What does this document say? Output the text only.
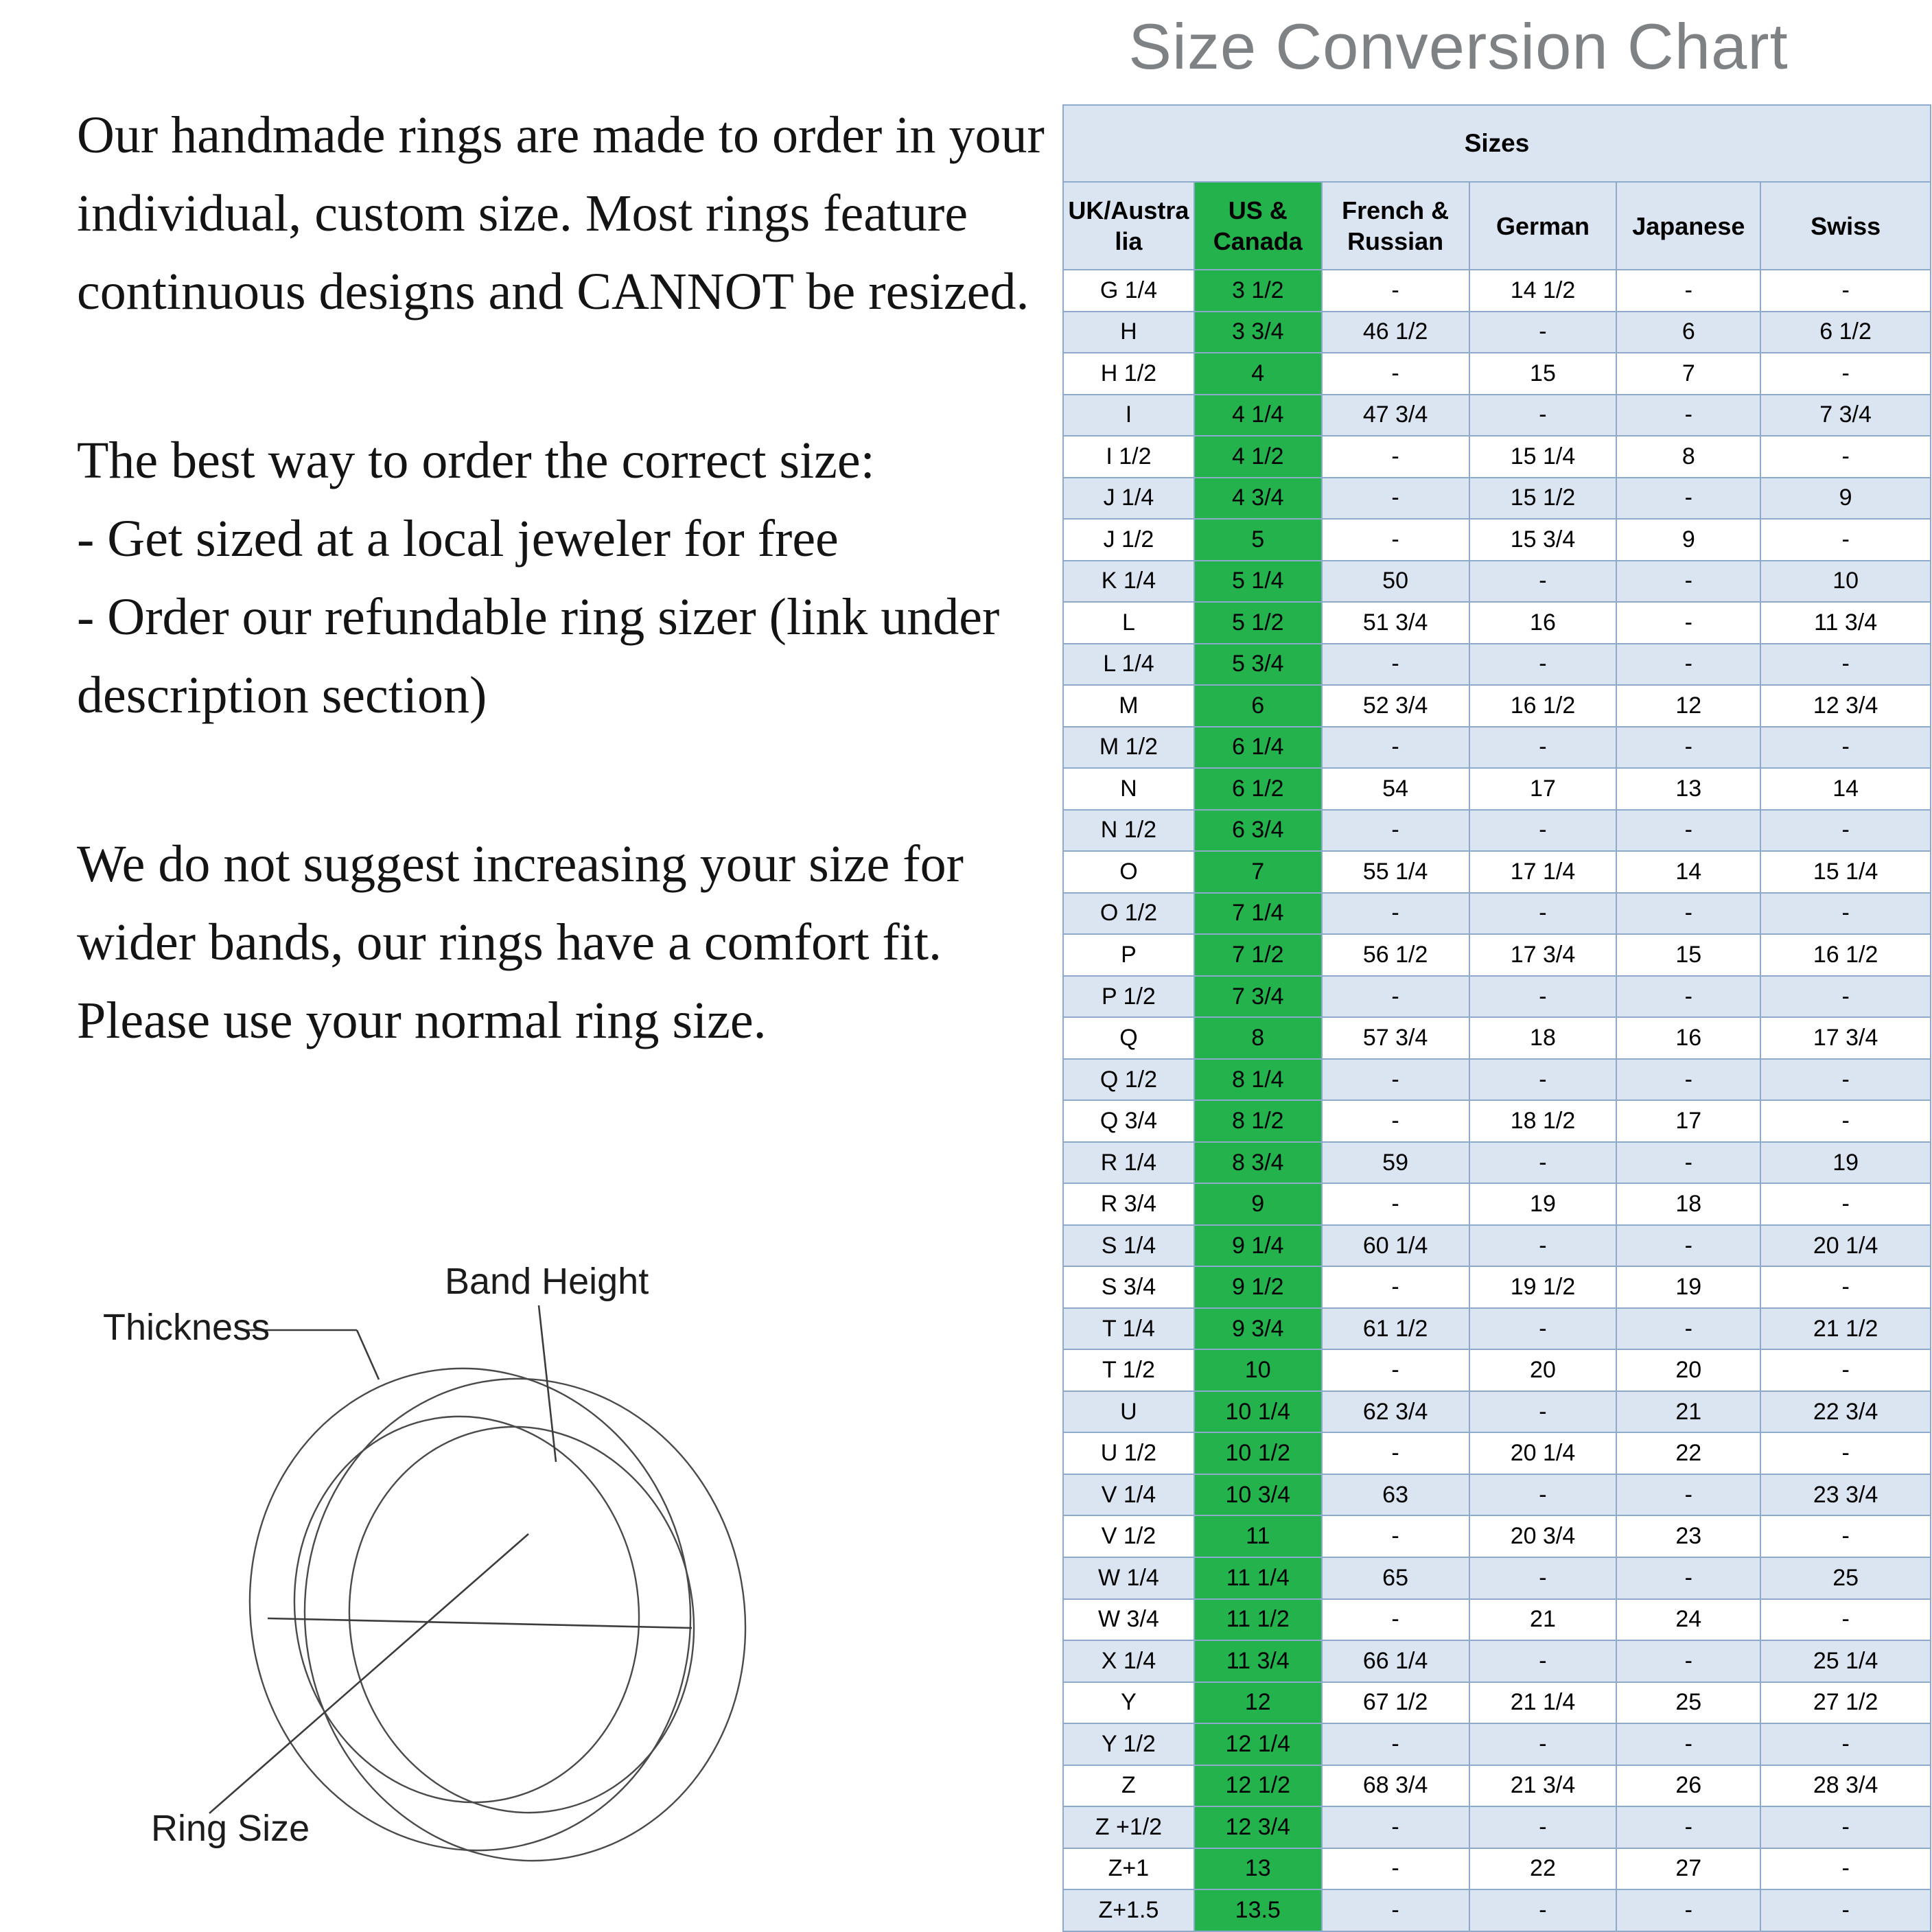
Our handmade rings are made to order in your individual, custom size. Most rings feature continuous designs and CANNOT be resized.

The best way to order the correct size:
- Get sized at a local jeweler for free
- Order our refundable ring sizer (link under description section)

We do not suggest increasing your size for wider bands, our rings have a comfort fit. Please use your normal ring size.

Size Conversion Chart
Sizes					
UK/Australia	US & Canada	French & Russian	German	Japanese	Swiss
G 1/4	3 1/2	-	14 1/2	-	-
H	3 3/4	46 1/2	-	6	6 1/2
H 1/2	4	-	15	7	-
I	4 1/4	47 3/4	-	-	7 3/4
I 1/2	4 1/2	-	15 1/4	8	-
J 1/4	4 3/4	-	15 1/2	-	9
J 1/2	5	-	15 3/4	9	-
K 1/4	5 1/4	50	-	-	10
L	5 1/2	51 3/4	16	-	11 3/4
L 1/4	5 3/4	-	-	-	-
M	6	52 3/4	16 1/2	12	12 3/4
M 1/2	6 1/4	-	-	-	-
N	6 1/2	54	17	13	14
N 1/2	6 3/4	-	-	-	-
O	7	55 1/4	17 1/4	14	15 1/4
O 1/2	7 1/4	-	-	-	-
P	7 1/2	56 1/2	17 3/4	15	16 1/2
P 1/2	7 3/4	-	-	-	-
Q	8	57 3/4	18	16	17 3/4
Q 1/2	8 1/4	-	-	-	-
Q 3/4	8 1/2	-	18 1/2	17	-
R 1/4	8 3/4	59	-	-	19
R 3/4	9	-	19	18	-
S 1/4	9 1/4	60 1/4	-	-	20 1/4
S 3/4	9 1/2	-	19 1/2	19	-
T 1/4	9 3/4	61 1/2	-	-	21 1/2
T 1/2	10	-	20	20	-
U	10 1/4	62 3/4	-	21	22 3/4
U 1/2	10 1/2	-	20 1/4	22	-
V 1/4	10 3/4	63	-	-	23 3/4
V 1/2	11	-	20 3/4	23	-
W 1/4	11 1/4	65	-	-	25
W 3/4	11 1/2	-	21	24	-
X 1/4	11 3/4	66 1/4	-	-	25 1/4
Y	12	67 1/2	21 1/4	25	27 1/2
Y 1/2	12 1/4	-	-	-	-
Z	12 1/2	68 3/4	21 3/4	26	28 3/4
Z +1/2	12 3/4	-	-	-	-
Z+1	13	-	22	27	-
Z+1.5	13.5	-	-	-	-
Thickness
Band Height
Ring Size
